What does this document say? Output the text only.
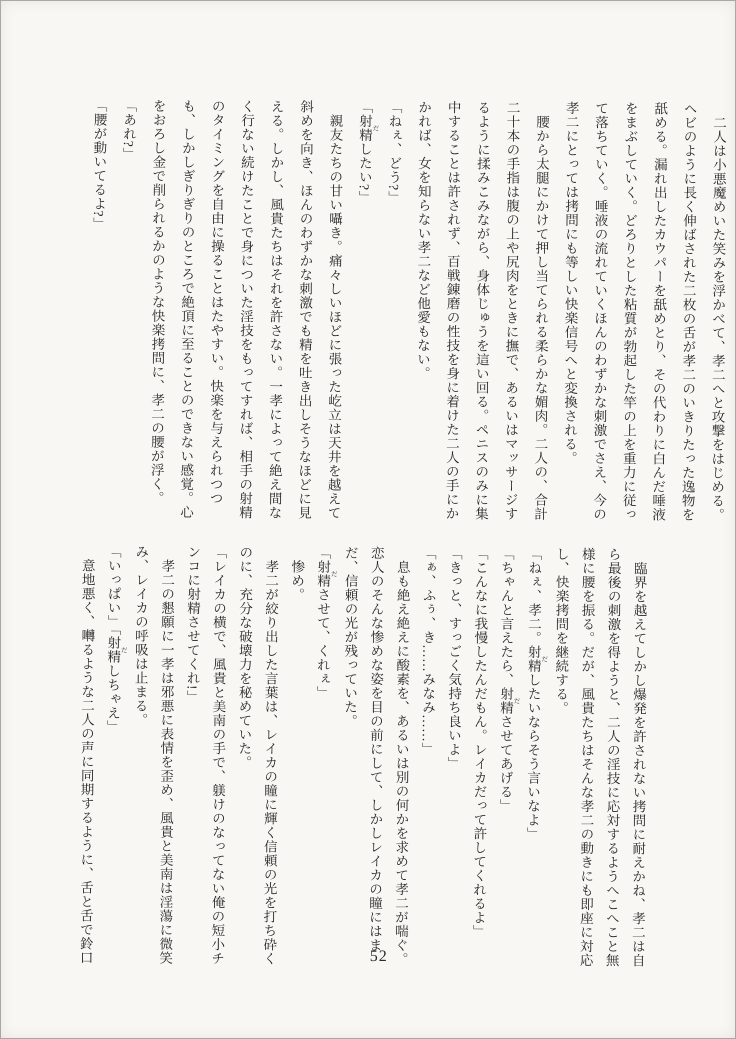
二人は小悪魔めいた笑みを浮かべて、孝二へと攻撃をはじめる。

ヘビのように長く伸ばされた二枚の舌が孝二のいきりたった逸物を

舐める。漏れ出したカウパーを舐めとり、その代わりに白んだ唾液

をまぶしていく。どろりとした粘質が勃起した竿の上を重力に従っ

て落ちていく。唾液の流れていくほんのわずかな刺激でさえ、今の

孝二にとっては拷問にも等しい快楽信号へと変換される。

腰から太腿にかけて押し当てられる柔らかな媚肉。二人の、合計

二十本の手指は腹の上や尻肉をときに撫で、あるいはマッサージす

るように揉みこみながら、身体じゅうを這い回る。ペニスのみに集

中することは許されず、百戦錬磨の性技を身に着けた二人の手にか

かれば、女を知らない孝二など他愛もない。

「ねぇ、どう?」

「射精 だしたい?」

親友たちの甘い囁き。痛々しいほどに張った屹立は天井を越えて

斜めを向き、ほんのわずかな刺激でも精を吐き出しそうなほどに見

える。しかし、風貴たちはそれを許さない。一孝によって絶え間な

く行ない続けたことで身についた淫技をもってすれば、相手の射精

のタイミングを自由に操ることはたやすい。快楽を与えられつつ

も、しかしぎりぎりのところで絶頂に至ることのできない感覚。心

をおろし金で削られるかのような快楽拷問に、孝二の腰が浮く。

「あれ?」

「腰が動いてるよ?」

臨界を越えてしかし爆発を許されない拷問に耐えかね、孝二は自

ら最後の刺激を得ようと、二人の淫技に応対するようへこへこと無

様に腰を振る。だが、風貴たちはそんな孝二の動きにも即座に対応

し、快楽拷問を継続する。

「ねぇ、孝二。射精 だしたいならそう言いなよ」

「ちゃんと言えたら、射精 ださせてあげる」

「こんなに我慢したんだもん。レイカだって許してくれるよ」

「きっと、すっごく気持ち良いよ」

「ぁ、ふぅ、き……みなみ……」

息も絶え絶えに酸素を、あるいは別の何かを求めて孝二が喘ぐ。

恋人のそんな惨めな姿を目の前にして、しかしレイカの瞳にはま

だ、信頼の光が残っていた。

「射精 ださせて、くれぇ」

惨め。

孝二が絞り出した言葉は、レイカの瞳に輝く信頼の光を打ち砕く

のに、充分な破壊力を秘めていた。

「レイカの横で、風貴と美南の手で、躾けのなってない俺の短小チ

ンコに射精させてくれ!」

孝二の懇願に一孝は邪悪に表情を歪め、風貴と美南は淫蕩に微笑

み、レイカの呼吸は止まる。

「いっぱい」「射精 だしちゃえ」

意地悪く、囀るような二人の声に同期するように、舌と舌で鈴口	52
